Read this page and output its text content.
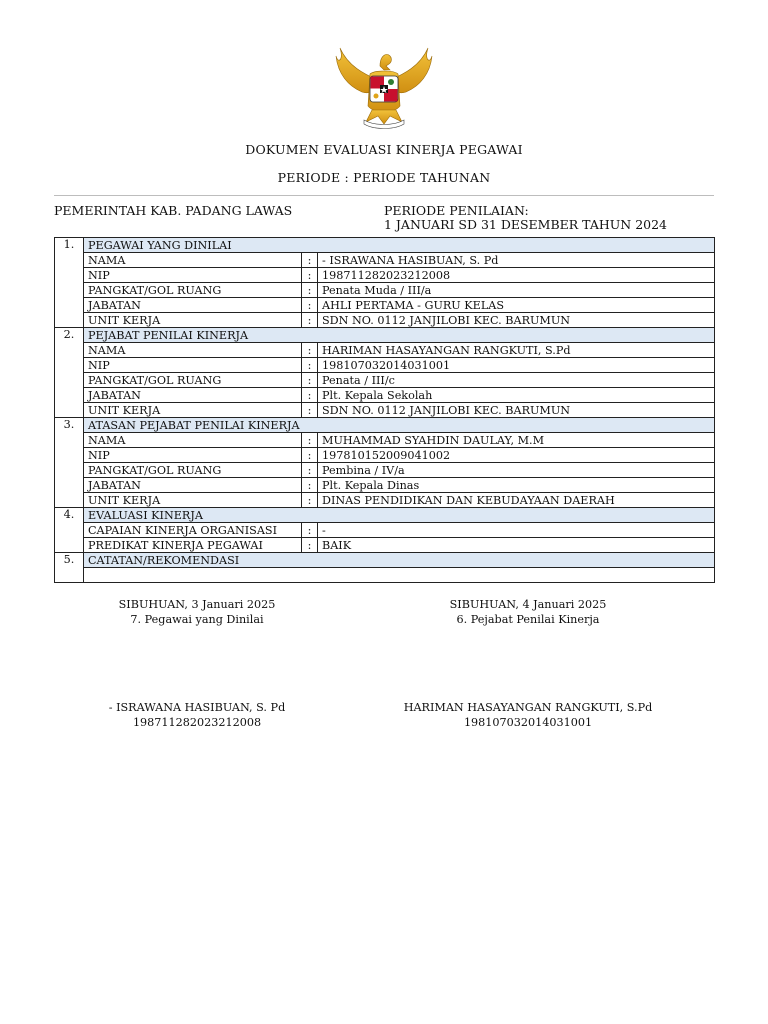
DOKUMEN EVALUASI KINERJA PEGAWAI
PERIODE : PERIODE TAHUNAN
PEMERINTAH KAB. PADANG LAWAS	PERIODE PENILAIAN:
1 JANUARI SD 31 DESEMBER TAHUN 2024
1.	PEGAWAI YANG DINILAI		
	NAMA	:	- ISRAWANA HASIBUAN, S. Pd
	NIP	:	198711282023212008
	PANGKAT/GOL RUANG	:	Penata Muda / III/a
	JABATAN	:	AHLI PERTAMA - GURU KELAS
	UNIT KERJA	:	SDN NO. 0112 JANJILOBI KEC. BARUMUN
2.	PEJABAT PENILAI KINERJA		
	NAMA	:	HARIMAN HASAYANGAN RANGKUTI, S.Pd
	NIP	:	198107032014031001
	PANGKAT/GOL RUANG	:	Penata / III/c
	JABATAN	:	Plt. Kepala Sekolah
	UNIT KERJA	:	SDN NO. 0112 JANJILOBI KEC. BARUMUN
3.	ATASAN PEJABAT PENILAI KINERJA		
	NAMA	:	MUHAMMAD SYAHDIN DAULAY, M.M
	NIP	:	197810152009041002
	PANGKAT/GOL RUANG	:	Pembina / IV/a
	JABATAN	:	Plt. Kepala Dinas
	UNIT KERJA	:	DINAS PENDIDIKAN DAN KEBUDAYAAN DAERAH
4.	EVALUASI KINERJA		
	CAPAIAN KINERJA ORGANISASI	:	-
	PREDIKAT KINERJA PEGAWAI	:	BAIK
5.	CATATAN/REKOMENDASI		

SIBUHUAN, 3 Januari 2025
7. Pegawai yang Dinilai
SIBUHUAN, 4 Januari 2025
6. Pejabat Penilai Kinerja
- ISRAWANA HASIBUAN, S. Pd
198711282023212008
HARIMAN HASAYANGAN RANGKUTI, S.Pd
198107032014031001
